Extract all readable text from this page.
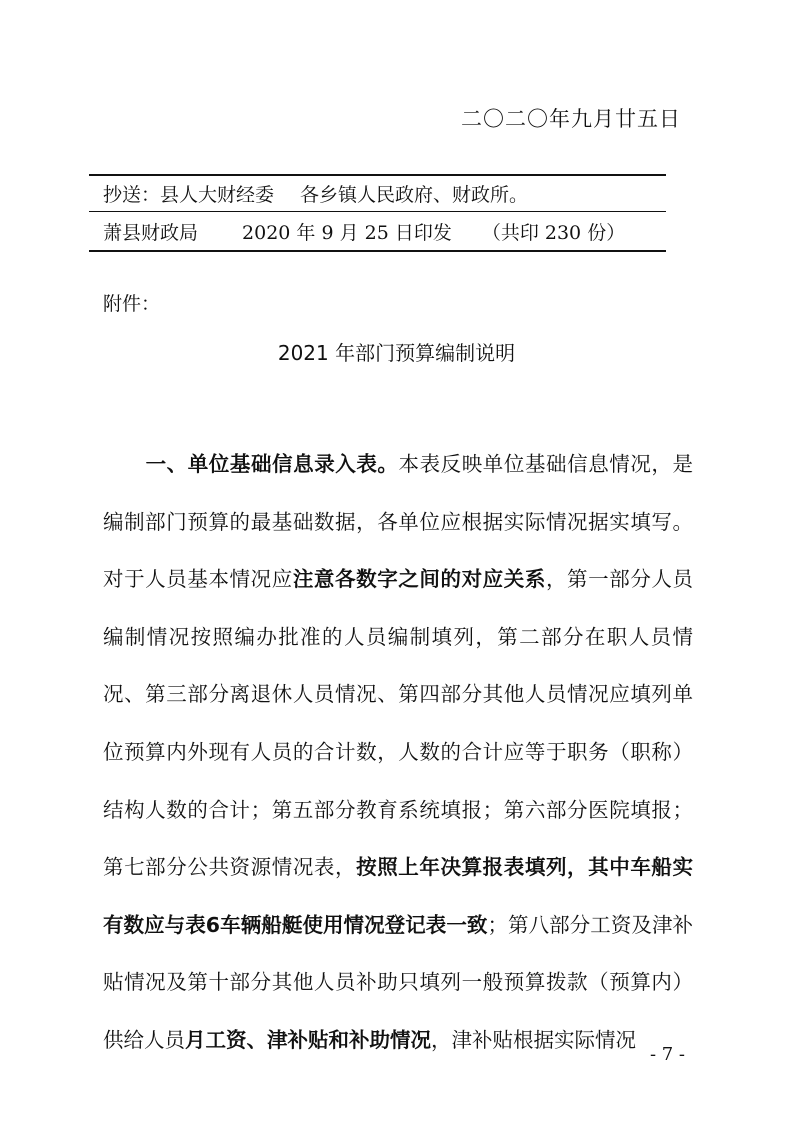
二〇二〇年九月廿五日
抄送：县人大财经委 各乡镇人民政府、财政所。
萧县财政局 2020 年 9 月 25 日印发 （共印 230 份）
附件：
2021 年部门预算编制说明
一、单位基础信息录入表。本表反映单位基础信息情况，是编制部门预算的最基础数据，各单位应根据实际情况据实填写。对于人员基本情况应注意各数字之间的对应关系，第一部分人员编制情况按照编办批准的人员编制填列，第二部分在职人员情况、第三部分离退休人员情况、第四部分其他人员情况应填列单位预算内外现有人员的合计数，人数的合计应等于职务（职称）结构人数的合计；第五部分教育系统填报；第六部分医院填报；第七部分公共资源情况表，按照上年决算报表填列，其中车船实有数应与表6车辆船艇使用情况登记表一致；第八部分工资及津补贴情况及第十部分其他人员补助只填列一般预算拨款（预算内）供给人员月工资、津补贴和补助情况，津补贴根据实际情况
- 7 -
